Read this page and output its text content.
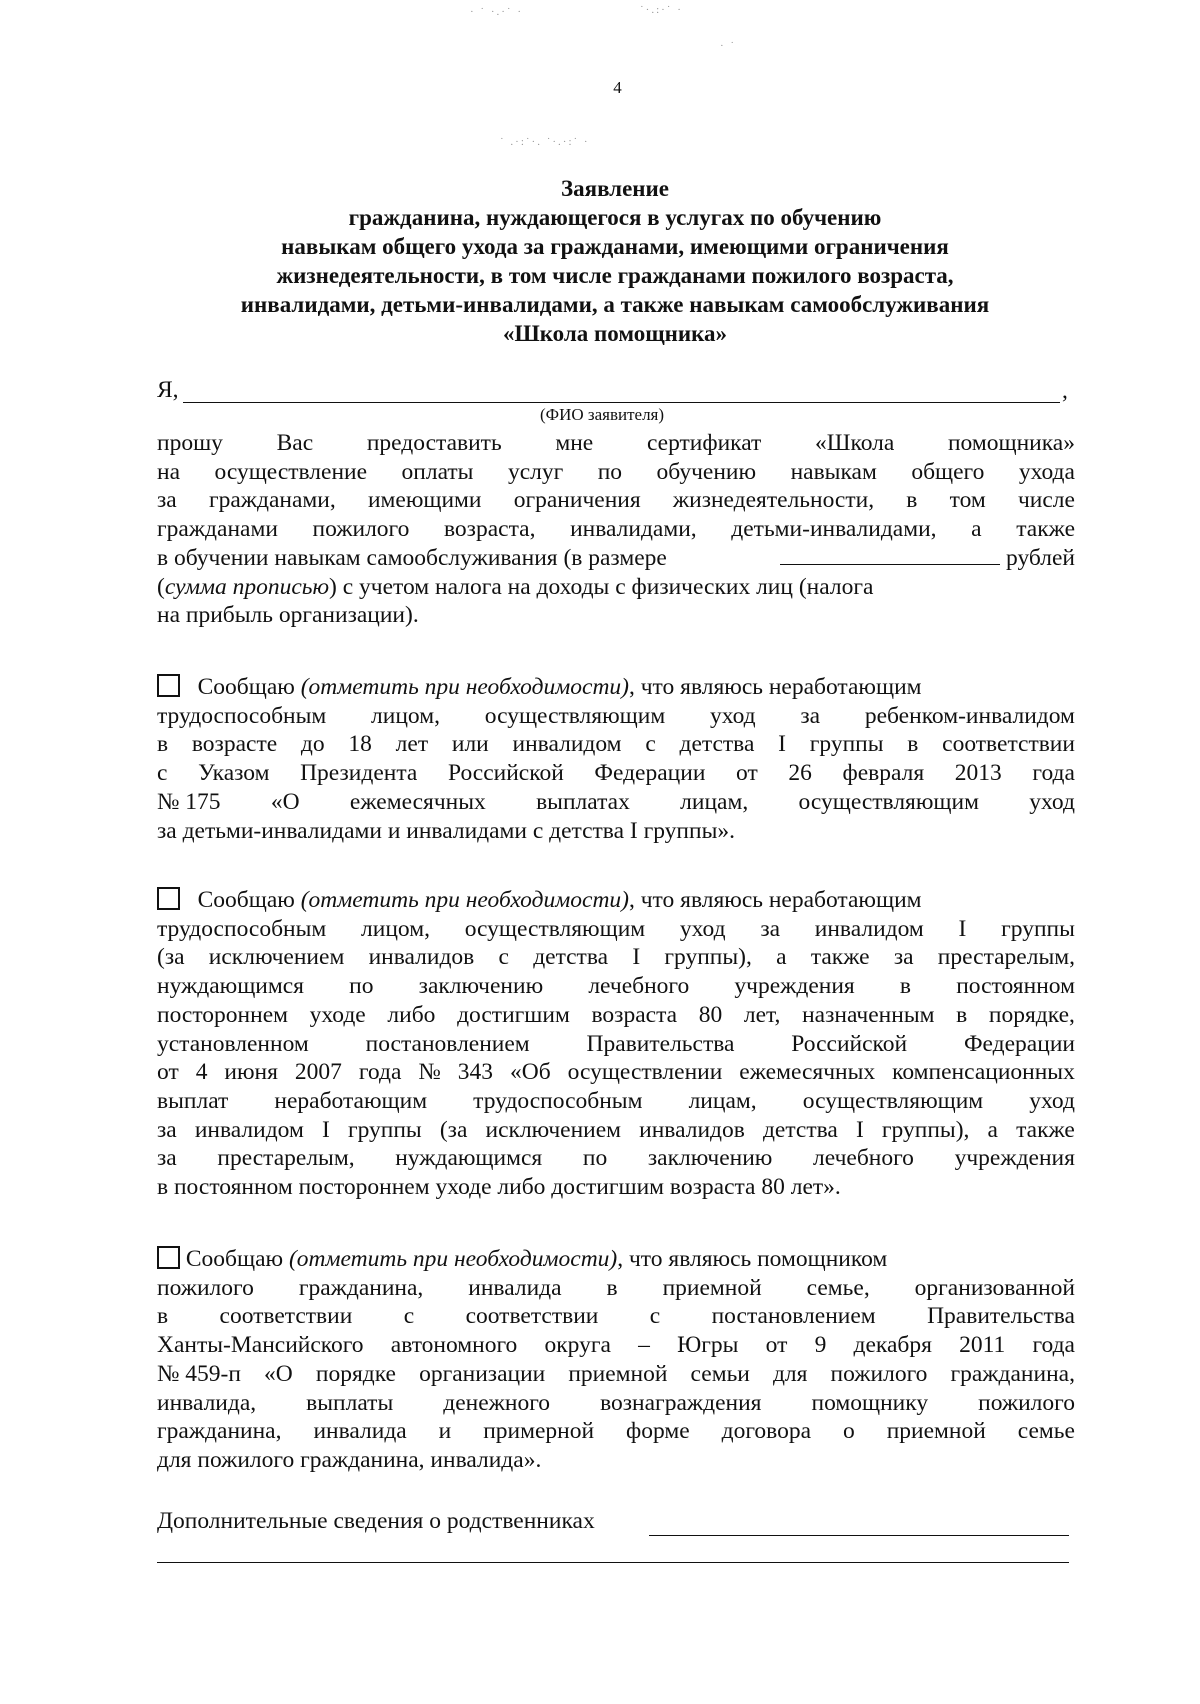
· ˙ ·.·˙ ·	˙·.:·˙ ·
· ˙
˙ .·:˙·. ˙·.·:˙ ·
4
Заявление
гражданина, нуждающегося в услугах по обучению
навыкам общего ухода за гражданами, имеющими ограничения
жизнедеятельности, в том числе гражданами пожилого возраста,
инвалидами, детьми-инвалидами, а также навыкам самообслуживания
«Школа помощника»
Я,	,
(ФИО заявителя)
прошу Вас предоставить мне сертификат «Школа помощника»
на осуществление оплаты услуг по обучению навыкам общего ухода
за гражданами, имеющими ограничения жизнедеятельности, в том числе
гражданами пожилого возраста, инвалидами, детьми-инвалидами, а также
в обучении навыкам самообслуживания (в размере	рублей
(сумма прописью) с учетом налога на доходы с физических лиц (налога
на прибыль организации).
Сообщаю (отметить при необходимости), что являюсь неработающим
трудоспособным лицом, осуществляющим уход за ребенком-инвалидом
в возрасте до 18 лет или инвалидом с детства I группы в соответствии
с Указом Президента Российской Федерации от 26 февраля 2013 года
№ 175 «О ежемесячных выплатах лицам, осуществляющим уход
за детьми-инвалидами и инвалидами с детства I группы».
Сообщаю (отметить при необходимости), что являюсь неработающим
трудоспособным лицом, осуществляющим уход за инвалидом I группы
(за исключением инвалидов с детства I группы), а также за престарелым,
нуждающимся по заключению лечебного учреждения в постоянном
постороннем уходе либо достигшим возраста 80 лет, назначенным в порядке,
установленном постановлением Правительства Российской Федерации
от 4 июня 2007 года № 343 «Об осуществлении ежемесячных компенсационных
выплат неработающим трудоспособным лицам, осуществляющим уход
за инвалидом I группы (за исключением инвалидов детства I группы), а также
за престарелым, нуждающимся по заключению лечебного учреждения
в постоянном постороннем уходе либо достигшим возраста 80 лет».
Сообщаю (отметить при необходимости), что являюсь помощником
пожилого гражданина, инвалида в приемной семье, организованной
в соответствии с соответствии с постановлением Правительства
Ханты-Мансийского автономного округа – Югры от 9 декабря 2011 года
№ 459-п «О порядке организации приемной семьи для пожилого гражданина,
инвалида, выплаты денежного вознаграждения помощнику пожилого
гражданина, инвалида и примерной форме договора о приемной семье
для пожилого гражданина, инвалида».
Дополнительные сведения о родственниках
